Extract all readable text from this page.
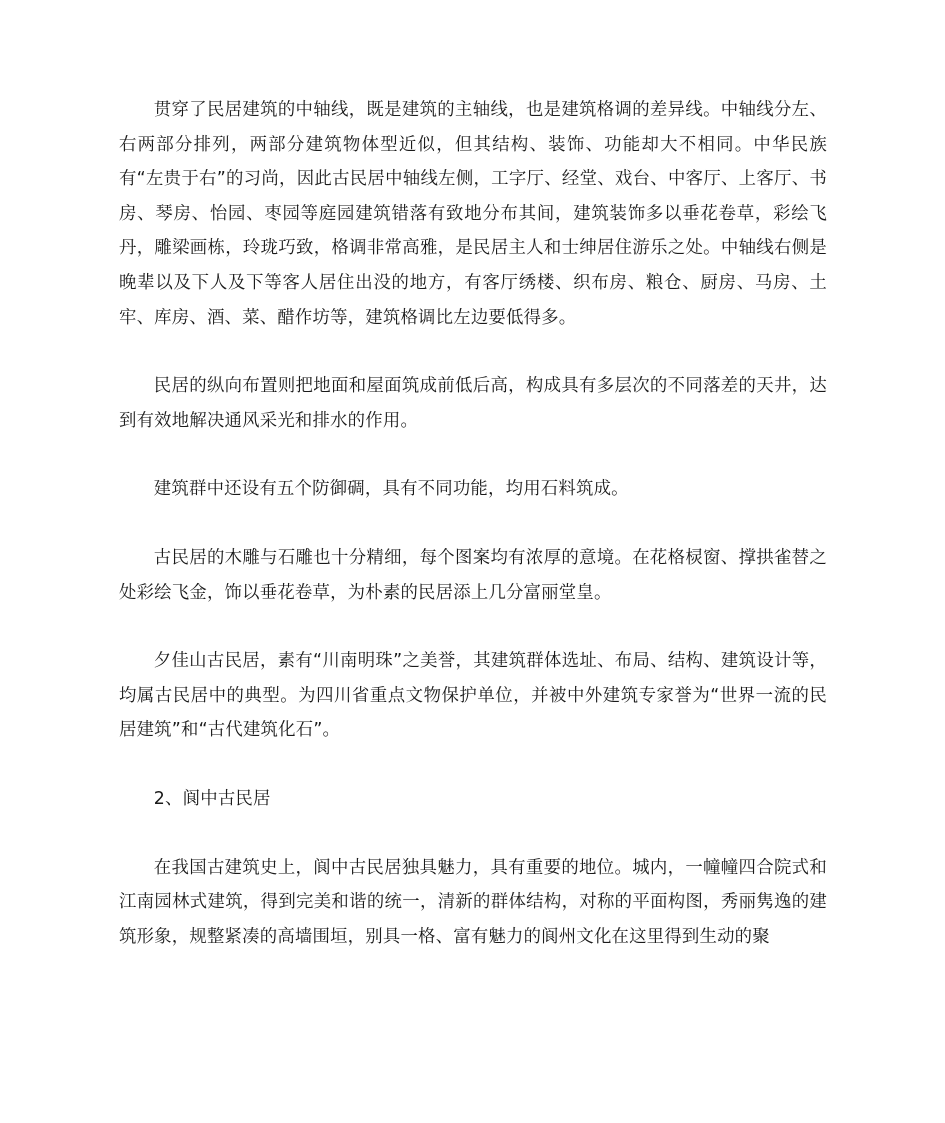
贯穿了民居建筑的中轴线，既是建筑的主轴线，也是建筑格调的差异线。中轴线分左、右两部分排列，两部分建筑物体型近似，但其结构、装饰、功能却大不相同。中华民族有“左贵于右”的习尚，因此古民居中轴线左侧，工字厅、经堂、戏台、中客厅、上客厅、书房、琴房、怡园、枣园等庭园建筑错落有致地分布其间，建筑装饰多以垂花卷草，彩绘飞丹，雕梁画栋，玲珑巧致，格调非常高雅，是民居主人和士绅居住游乐之处。中轴线右侧是晚辈以及下人及下等客人居住出没的地方，有客厅绣楼、织布房、粮仓、厨房、马房、土牢、库房、酒、菜、醋作坊等，建筑格调比左边要低得多。

民居的纵向布置则把地面和屋面筑成前低后高，构成具有多层次的不同落差的天井，达到有效地解决通风采光和排水的作用。

建筑群中还设有五个防御碉，具有不同功能，均用石料筑成。

古民居的木雕与石雕也十分精细，每个图案均有浓厚的意境。在花格棂窗、撑拱雀替之处彩绘飞金，饰以垂花卷草，为朴素的民居添上几分富丽堂皇。

夕佳山古民居，素有“川南明珠”之美誉，其建筑群体选址、布局、结构、建筑设计等，均属古民居中的典型。为四川省重点文物保护单位，并被中外建筑专家誉为“世界一流的民居建筑”和“古代建筑化石”。

2、阆中古民居

在我国古建筑史上，阆中古民居独具魅力，具有重要的地位。城内，一幢幢四合院式和江南园林式建筑，得到完美和谐的统一，清新的群体结构，对称的平面构图，秀丽隽逸的建筑形象，规整紧凑的高墙围垣，别具一格、富有魅力的阆州文化在这里得到生动的聚
